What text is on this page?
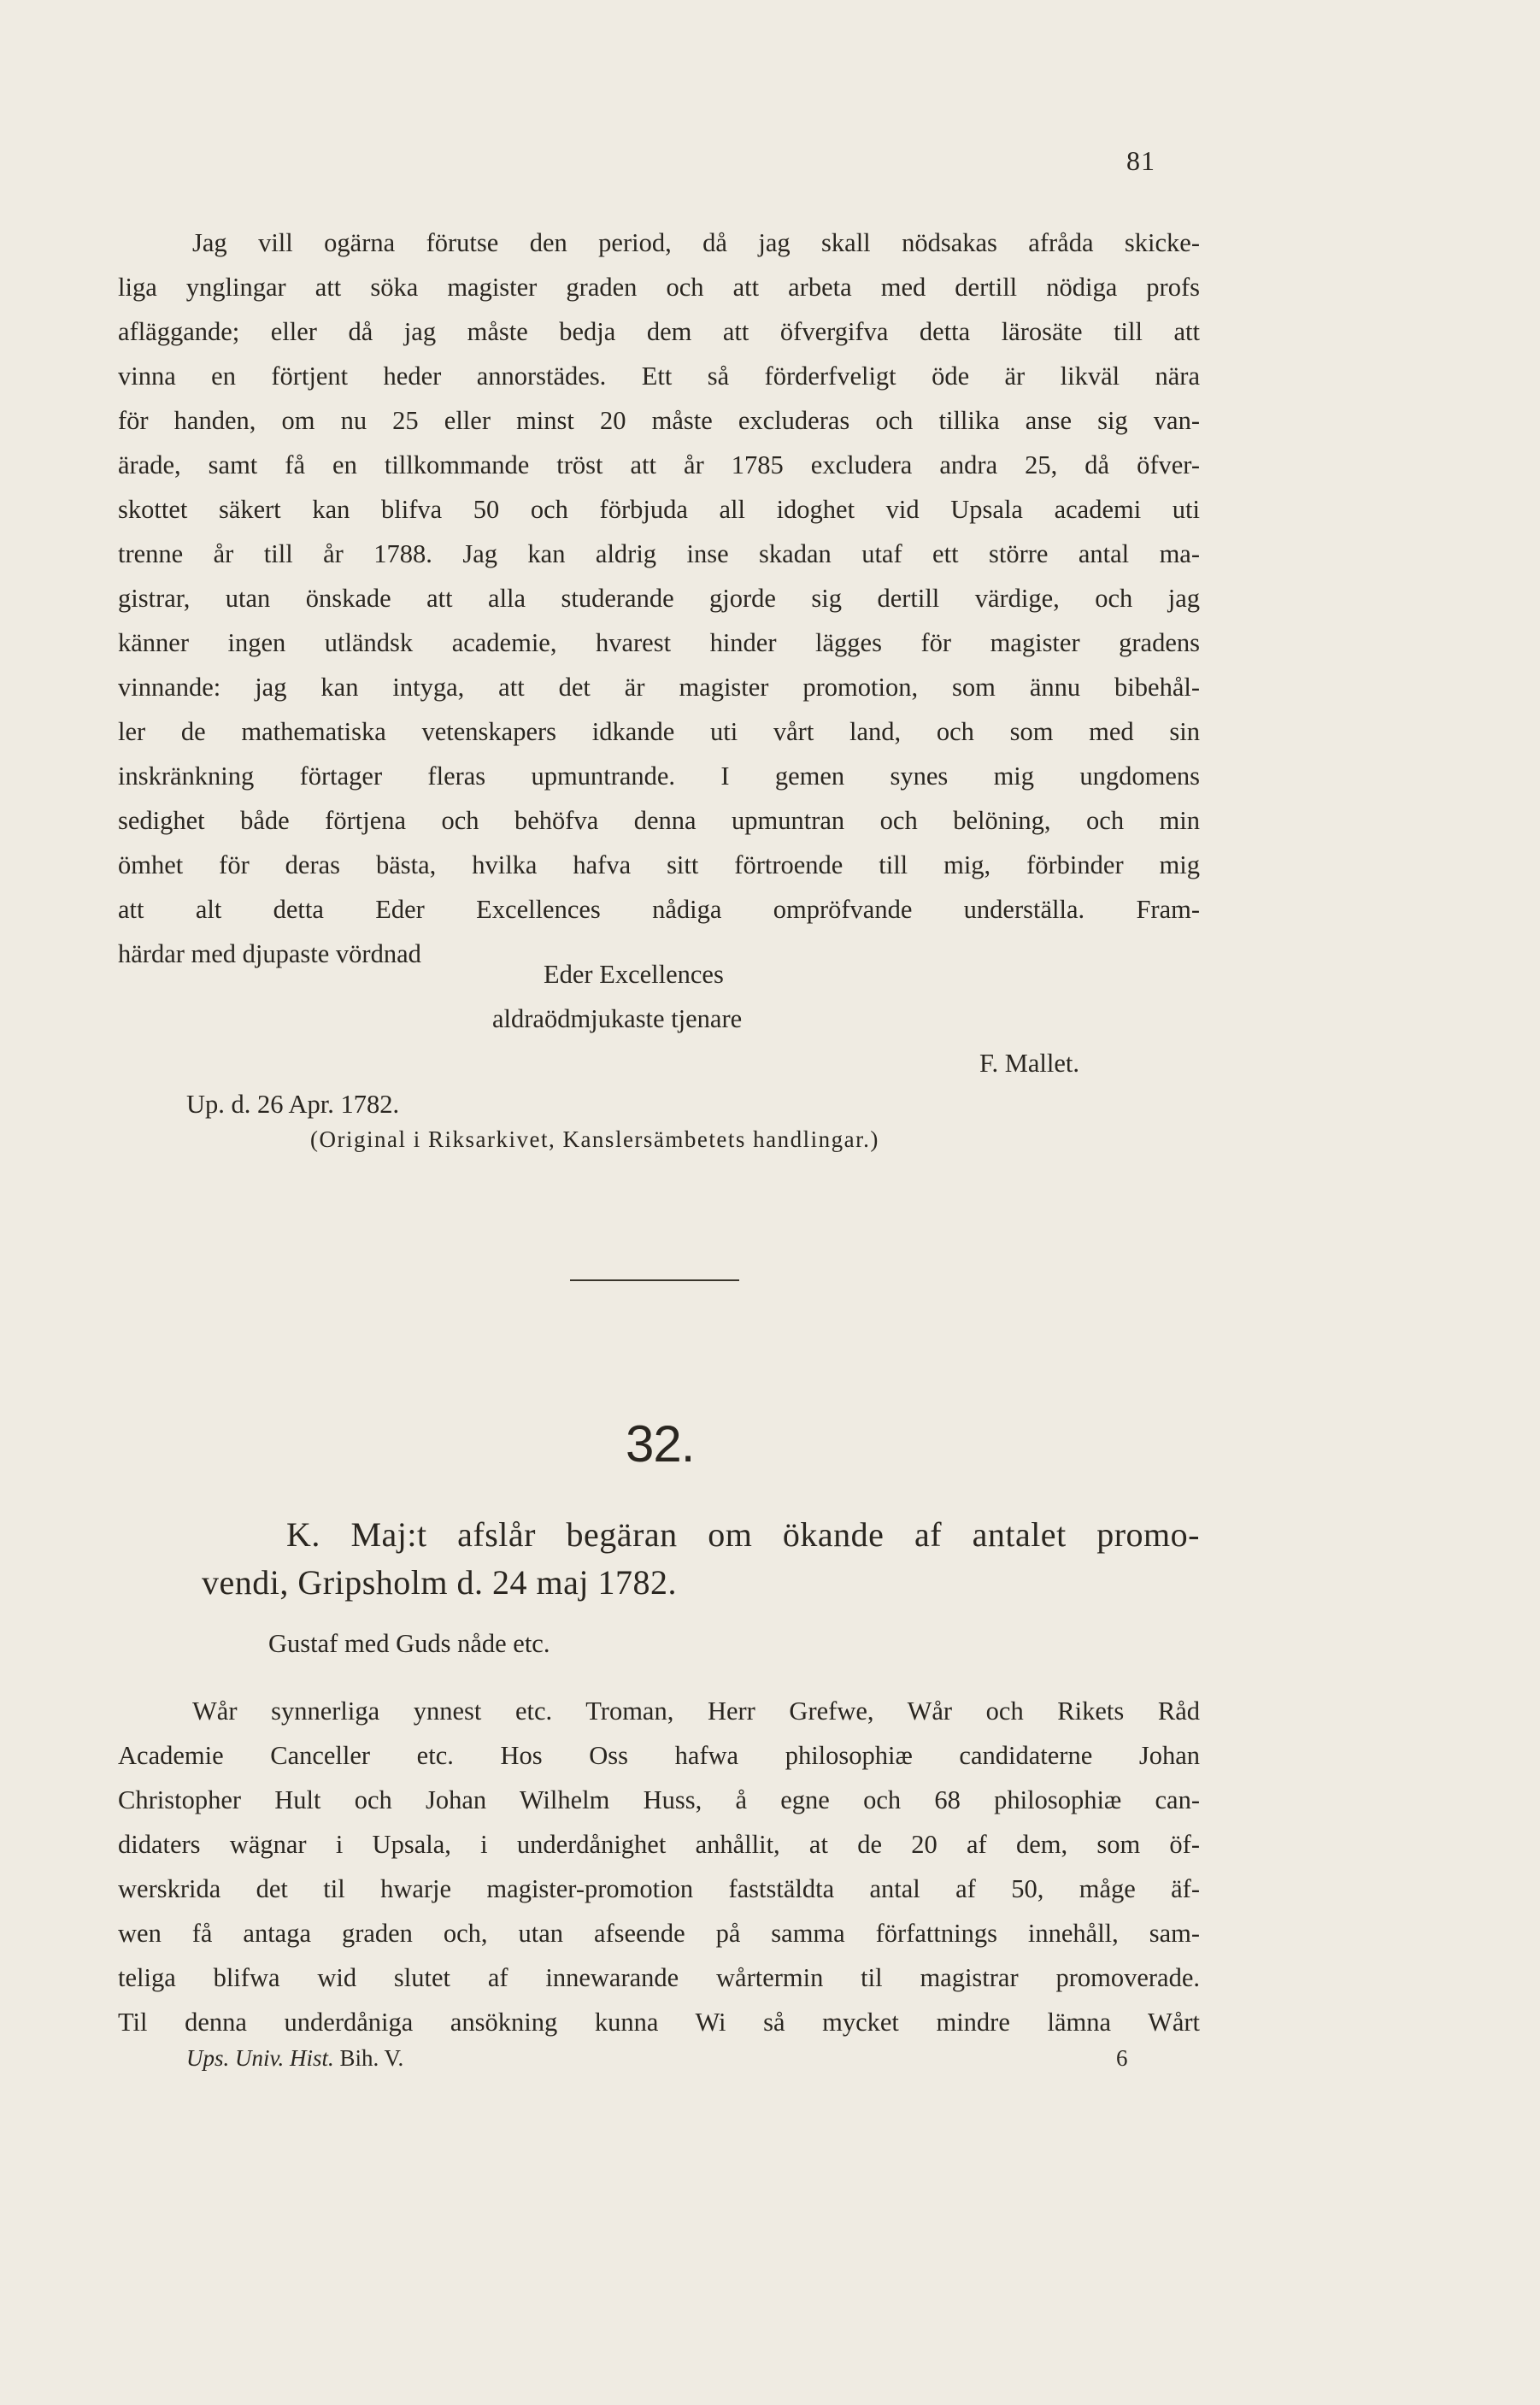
81
Jag vill ogärna förutse den period, då jag skall nödsakas afråda skicke-
liga ynglingar att söka magister graden och att arbeta med dertill nödiga profs
afläggande; eller då jag måste bedja dem att öfvergifva detta lärosäte till att
vinna en förtjent heder annorstädes. Ett så förderfveligt öde är likväl nära
för handen, om nu 25 eller minst 20 måste excluderas och tillika anse sig van-
ärade, samt få en tillkommande tröst att år 1785 excludera andra 25, då öfver-
skottet säkert kan blifva 50 och förbjuda all idoghet vid Upsala academi uti
trenne år till år 1788. Jag kan aldrig inse skadan utaf ett större antal ma-
gistrar, utan önskade att alla studerande gjorde sig dertill värdige, och jag
känner ingen utländsk academie, hvarest hinder lägges för magister gradens
vinnande: jag kan intyga, att det är magister promotion, som ännu bibehål-
ler de mathematiska vetenskapers idkande uti vårt land, och som med sin
inskränkning förtager fleras upmuntrande. I gemen synes mig ungdomens
sedighet både förtjena och behöfva denna upmuntran och belöning, och min
ömhet för deras bästa, hvilka hafva sitt förtroende till mig, förbinder mig
att alt detta Eder Excellences nådiga ompröfvande underställa. Fram-
härdar med djupaste vördnad
Eder Excellences
aldraödmjukaste tjenare
F. Mallet.
Up. d. 26 Apr. 1782.
(Original i Riksarkivet, Kanslersämbetets handlingar.)
32.
K. Maj:t afslår begäran om ökande af antalet promo-
vendi, Gripsholm d. 24 maj 1782.
Gustaf med Guds nåde etc.
Wår synnerliga ynnest etc. Troman, Herr Grefwe, Wår och Rikets Råd
Academie Canceller etc. Hos Oss hafwa philosophiæ candidaterne Johan
Christopher Hult och Johan Wilhelm Huss, å egne och 68 philosophiæ can-
didaters wägnar i Upsala, i underdånighet anhållit, at de 20 af dem, som öf-
werskrida det til hwarje magister-promotion faststäldta antal af 50, måge äf-
wen få antaga graden och, utan afseende på samma författnings innehåll, sam-
teliga blifwa wid slutet af innewarande wårtermin til magistrar promoverade.
Til denna underdåniga ansökning kunna Wi så mycket mindre lämna Wårt
Ups. Univ. Hist. Bih. V.	6
